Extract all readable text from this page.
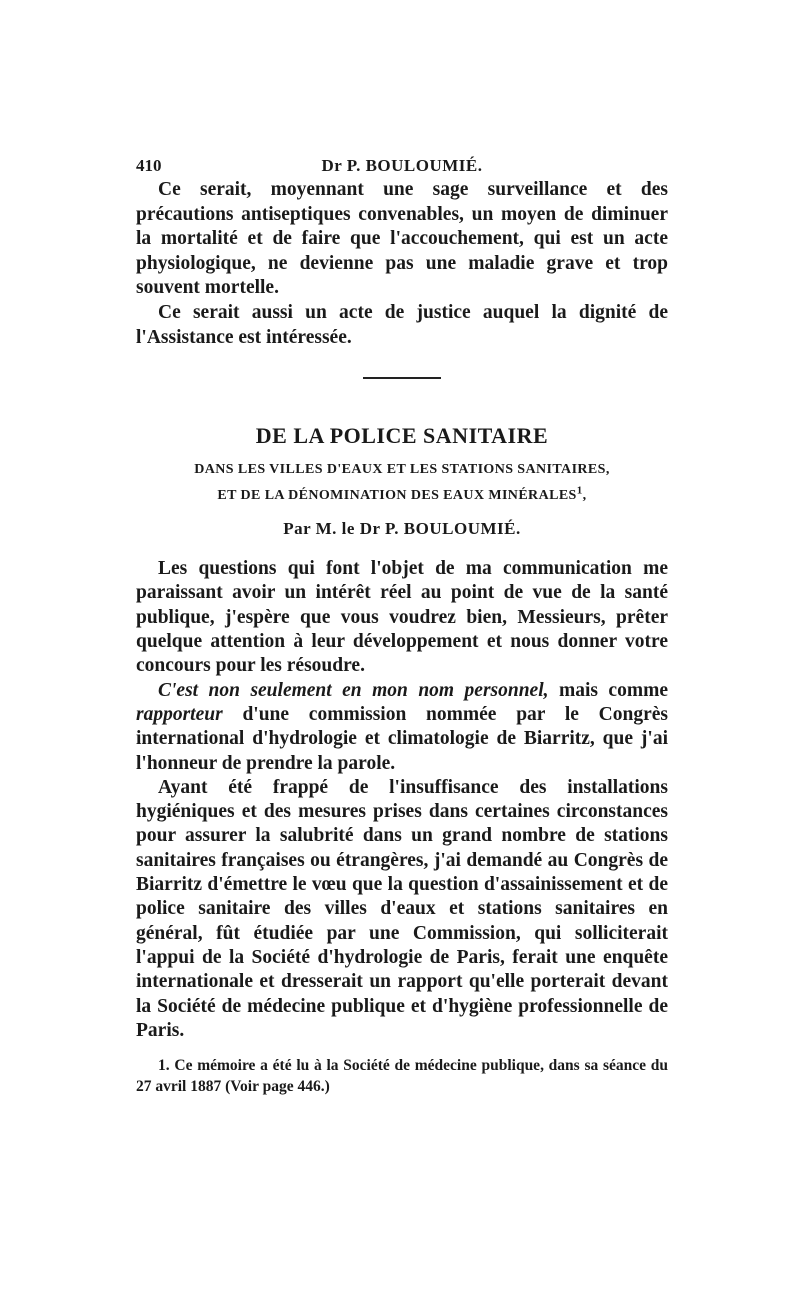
410	Dr P. BOULOUMIÉ.

Ce serait, moyennant une sage surveillance et des précautions antiseptiques convenables, un moyen de diminuer la mortalité et de faire que l'accouchement, qui est un acte physiologique, ne devienne pas une maladie grave et trop souvent mortelle.

Ce serait aussi un acte de justice auquel la dignité de l'Assistance est intéressée.

DE LA POLICE SANITAIRE
DANS LES VILLES D'EAUX ET LES STATIONS SANITAIRES,
ET DE LA DÉNOMINATION DES EAUX MINÉRALES$^1$,
Par M. le Dr P. BOULOUMIÉ.

Les questions qui font l'objet de ma communication me paraissant avoir un intérêt réel au point de vue de la santé publique, j'espère que vous voudrez bien, Messieurs, prêter quelque attention à leur développement et nous donner votre concours pour les résoudre.

C'est non seulement en mon nom personnel, mais comme rapporteur d'une commission nommée par le Congrès international d'hydrologie et climatologie de Biarritz, que j'ai l'honneur de prendre la parole.

Ayant été frappé de l'insuffisance des installations hygiéniques et des mesures prises dans certaines circonstances pour assurer la salubrité dans un grand nombre de stations sanitaires françaises ou étrangères, j'ai demandé au Congrès de Biarritz d'émettre le vœu que la question d'assainissement et de police sanitaire des villes d'eaux et stations sanitaires en général, fût étudiée par une Commission, qui solliciterait l'appui de la Société d'hydrologie de Paris, ferait une enquête internationale et dresserait un rapport qu'elle porterait devant la Société de médecine publique et d'hygiène professionnelle de Paris.

1. Ce mémoire a été lu à la Société de médecine publique, dans sa séance du 27 avril 1887 (Voir page 446.)
